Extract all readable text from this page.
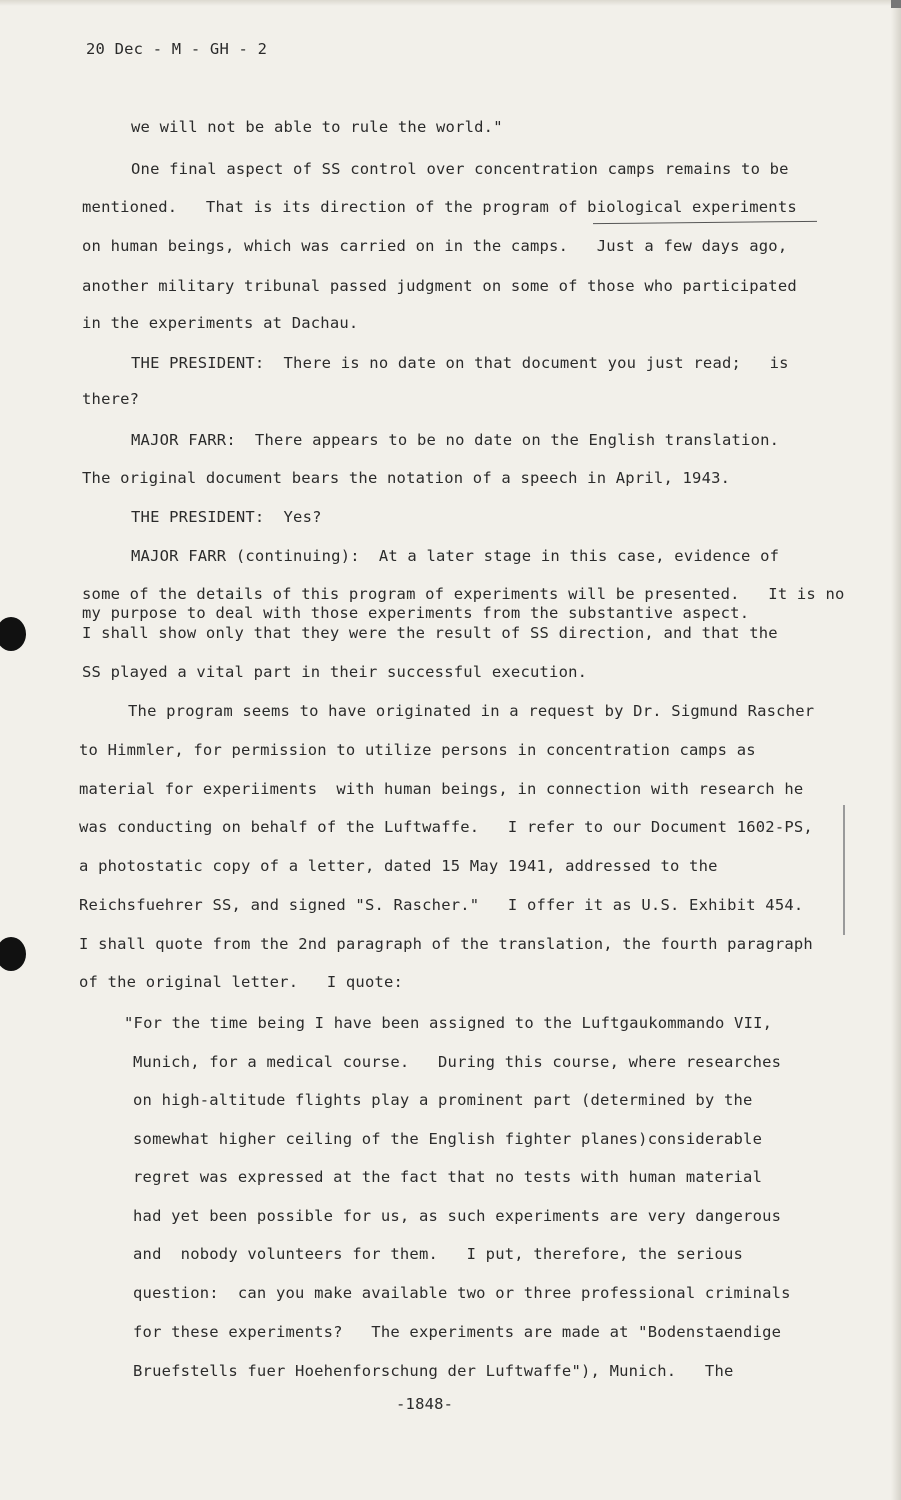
20 Dec - M - GH - 2
we will not be able to rule the world."
One final aspect of SS control over concentration camps remains to be
mentioned.   That is its direction of the program of biological experiments
on human beings, which was carried on in the camps.   Just a few days ago,
another military tribunal passed judgment on some of those who participated
in the experiments at Dachau.
THE PRESIDENT:  There is no date on that document you just read;   is
there?
MAJOR FARR:  There appears to be no date on the English translation.
The original document bears the notation of a speech in April, 1943.
THE PRESIDENT:  Yes?
MAJOR FARR (continuing):  At a later stage in this case, evidence of
some of the details of this program of experiments will be presented.   It is no
my purpose to deal with those experiments from the substantive aspect.
I shall show only that they were the result of SS direction, and that the
SS played a vital part in their successful execution.
The program seems to have originated in a request by Dr. Sigmund Rascher
to Himmler, for permission to utilize persons in concentration camps as
material for experiiments  with human beings, in connection with research he
was conducting on behalf of the Luftwaffe.   I refer to our Document 1602-PS,
a photostatic copy of a letter, dated 15 May 1941, addressed to the
Reichsfuehrer SS, and signed "S. Rascher."   I offer it as U.S. Exhibit 454.
I shall quote from the 2nd paragraph of the translation, the fourth paragraph
of the original letter.   I quote:
"For the time being I have been assigned to the Luftgaukommando VII,
Munich, for a medical course.   During this course, where researches
on high-altitude flights play a prominent part (determined by the
somewhat higher ceiling of the English fighter planes)considerable
regret was expressed at the fact that no tests with human material
had yet been possible for us, as such experiments are very dangerous
and  nobody volunteers for them.   I put, therefore, the serious
question:  can you make available two or three professional criminals
for these experiments?   The experiments are made at "Bodenstaendige
Bruefstells fuer Hoehenforschung der Luftwaffe"), Munich.   The
-1848-
